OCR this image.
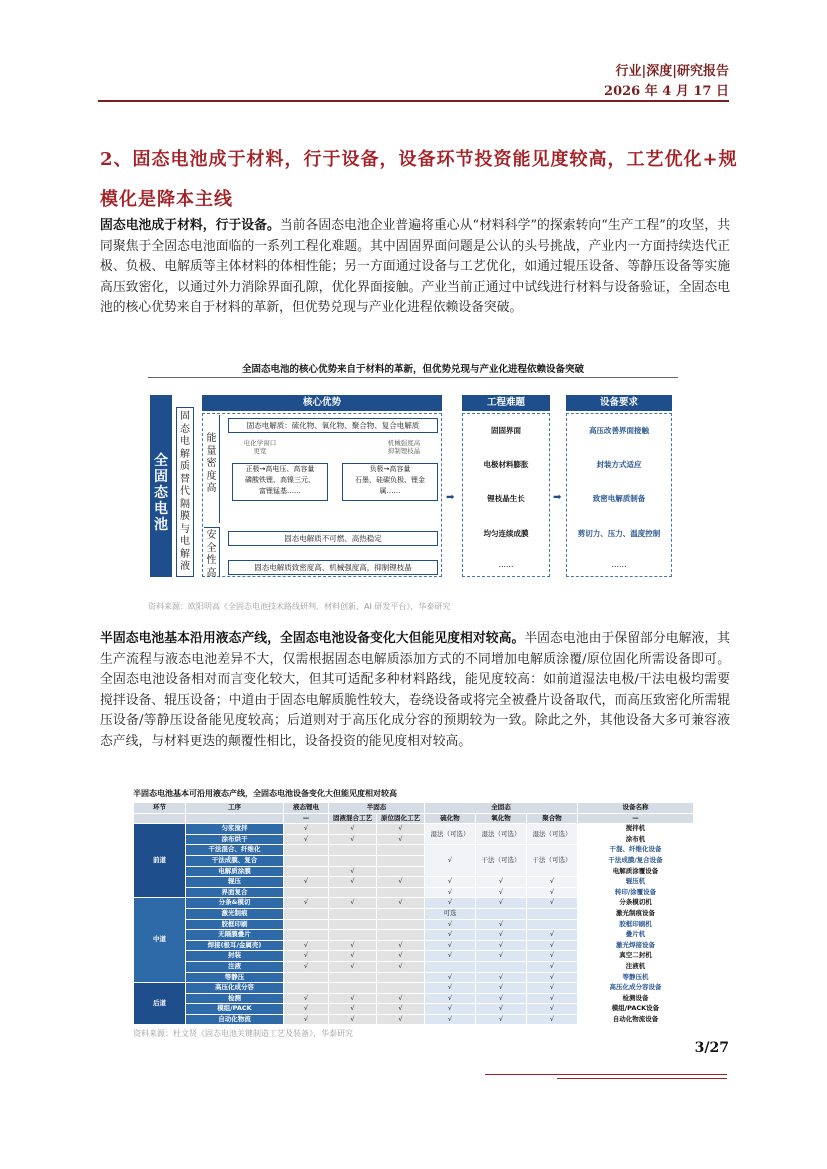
行业|深度|研究报告
2026 年 4 月 17 日
2、固态电池成于材料，行于设备，设备环节投资能见度较高，工艺优化+规模化是降本主线
固态电池成于材料，行于设备。当前各固态电池企业普遍将重心从“材料科学”的探索转向“生产工程”的攻坚，共同聚焦于全固态电池面临的一系列工程化难题。其中固固界面问题是公认的头号挑战，产业内一方面持续迭代正极、负极、电解质等主体材料的体相性能；另一方面通过设备与工艺优化，如通过辊压设备、等静压设备等实施高压致密化，以通过外力消除界面孔隙，优化界面接触。产业当前正通过中试线进行材料与设备验证，全固态电池的核心优势来自于材料的革新，但优势兑现与产业化进程依赖设备突破。
全固态电池的核心优势来自于材料的革新，但优势兑现与产业化进程依赖设备突破
全固态电池
固态电解质替代隔膜与电解液
核心优势
能量密度高
固态电解质：硫化物、氧化物、聚合物、复合电解质
电化学窗口
更宽
机械强度高
抑制锂枝晶
正极→高电压、高容量
磷酸铁锂、高镍三元、
富锂锰基……
负极→高容量
石墨、硅碳负极、锂金
属……
安全性高
固态电解质不可燃、高热稳定
固态电解质致密度高、机械强度高，抑制锂枝晶
➡
工程难题
固固界面
电极材料膨胀
锂枝晶生长
均匀连续成膜
……
➡
设备要求
高压改善界面接触
封装方式适应
致密电解质制备
剪切力、压力、温度控制
……
资料来源：欧阳明高《全固态电池技术路线研判、材料创新、AI 研发平台》，华泰研究
半固态电池基本沿用液态产线，全固态电池设备变化大但能见度相对较高。半固态电池由于保留部分电解液，其生产流程与液态电池差异不大，仅需根据固态电解质添加方式的不同增加电解质涂覆/原位固化所需设备即可。全固态电池设备相对而言变化较大，但其可适配多种材料路线，能见度较高：如前道湿法电极/干法电极均需要搅拌设备、辊压设备；中道由于固态电解质脆性较大，卷绕设备或将完全被叠片设备取代，而高压致密化所需辊压设备/等静压设备能见度较高；后道则对于高压化成分容的预期较为一致。除此之外，其他设备大多可兼容液态产线，与材料更迭的颠覆性相比，设备投资的能见度相对较高。
半固态电池基本可沿用液态产线，全固态电池设备变化大但能见度相对较高
环节	工序	液态锂电	半固态		全固态			设备名称
		—	固液混合工艺	原位固化工艺	硫化物	氧化物	聚合物	—
前道	匀浆搅拌	√	√	√	湿法（可选）	湿法（可选）	湿法（可选）	搅拌机
	涂布烘干	√	√	√				涂布机
	干法混合、纤维化				√	干法（可选）	干法（可选）	干混、纤维化设备
	干法成膜、复合							干法成膜/复合设备
	电解质涂膜		√					电解质涂覆设备
	辊压	√	√	√	√	√	√	辊压机
	界面复合				√	√	√	转印/涂覆设备
中道	分条&模切	√	√	√	√	√	√	分条模切机
	激光制痕				可选			激光制痕设备
	胶框印刷				√	√		胶框印刷机
	无隔膜叠片				√	√	√	叠片机
	焊接(极耳/金属壳)	√	√	√	√	√	√	激光焊接设备
	封装	√	√	√	√	√	√	真空二封机
	注液	√	√	√			√	注液机
	等静压				√	√	√	等静压机
后道	高压化成分容				√	√	√	高压化成分容设备
	检测	√	√	√	√	√	√	检测设备
	模组/PACK	√	√	√	√	√	√	模组/PACK设备
	自动化物流	√	√	√	√	√	√	自动化物流设备
资料来源：杜文贤《固态电池关键制造工艺及装备》，华泰研究
3/27
